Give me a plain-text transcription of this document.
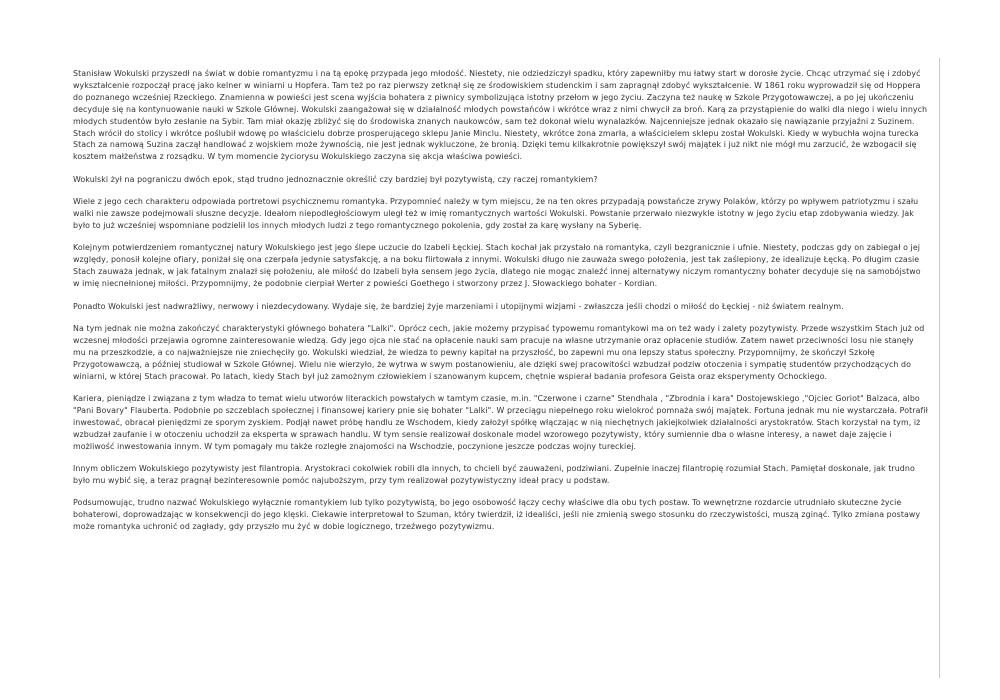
Stanisław Wokulski przyszedł na świat w dobie romantyzmu i na tą epokę przypada jego młodość. Niestety, nie odziedziczył spadku, który zapewniłby mu łatwy start w dorosłe życie. Chcąc utrzymać się i zdobyć wykształcenie rozpoczął pracę jako kelner w winiarni u Hopfera. Tam też po raz pierwszy zetknął się ze środowiskiem studenckim i sam zapragnął zdobyć wykształcenie. W 1861 roku wyprowadził się od Hoppera do poznanego wcześniej Rzeckiego. Znamienna w powieści jest scena wyjścia bohatera z piwnicy symbolizująca istotny przełom w jego życiu. Zaczyna też naukę w Szkole Przygotowawczej, a po jej ukończeniu decyduje się na kontynuowanie nauki w Szkole Głównej. Wokulski zaangażował się w działalność młodych powstańców i wkrótce wraz z nimi chwycił za broń. Karą za przystąpienie do walki dla niego i wielu innych młodych studentów było zesłanie na Sybir. Tam miał okazję zbliżyć się do środowiska znanych naukowców, sam też dokonał wielu wynalazków. Najcenniejsze jednak okazało się nawiązanie przyjaźni z Suzinem. Stach wrócił do stolicy i wkrótce poślubił wdowę po właścicielu dobrze prosperującego sklepu Janie Minclu. Niestety, wkrótce żona zmarła, a właścicielem sklepu został Wokulski. Kiedy w wybuchła wojna turecka Stach za namową Suzina zaczął handlować z wojskiem może żywnością, nie jest jednak wykluczone, że bronią. Dzięki temu kilkakrotnie powiększył swój majątek i już nikt nie mógł mu zarzucić, że wzbogacił się kosztem małżeństwa z rozsądku. W tym momencie życiorysu Wokulskiego zaczyna się akcja właściwa powieści.

Wokulski żył na pograniczu dwóch epok, stąd trudno jednoznacznie określić czy bardziej był pozytywistą, czy raczej romantykiem?

Wiele z jego cech charakteru odpowiada portretowi psychicznemu romantyka. Przypomnieć należy w tym miejscu, że na ten okres przypadają powstańcze zrywy Polaków, którzy po wpływem patriotyzmu i szału walki nie zawsze podejmowali słuszne decyzje. Ideałom niepodległościowym uległ też w imię romantycznych wartości Wokulski. Powstanie przerwało niezwykle istotny w jego życiu etap zdobywania wiedzy. Jak było to już wcześniej wspomniane podzielił los innych młodych ludzi z tego romantycznego pokolenia, gdy został za karę wysłany na Syberię.

Kolejnym potwierdzeniem romantycznej natury Wokulskiego jest jego ślepe uczucie do Izabeli Łęckiej. Stach kochał jak przystało na romantyka, czyli bezgranicznie i ufnie. Niestety, podczas gdy on zabiegał o jej względy, ponosił kolejne ofiary, poniżał się ona czerpała jedynie satysfakcję, a na boku flirtowała z innymi. Wokulski długo nie zauważa swego położenia, jest tak zaślepiony, że idealizuje Łęcką. Po długim czasie Stach zauważa jednak, w jak fatalnym znalazł się położeniu, ale miłość do Izabeli była sensem jego życia, dlatego nie mogąc znaleźć innej alternatywy niczym romantyczny bohater decyduje się na samobójstwo w imię nieспełnionej miłości. Przypomnijmy, że podobnie cierpiał Werter z powieści Goethego i stworzony przez J. Słowackiego bohater - Kordian.

Ponadto Wokulski jest nadwrażliwy, nerwowy i niezdecydowany. Wydaje się, że bardziej żyje marzeniami i utopijnymi wizjami - zwłaszcza jeśli chodzi o miłość do Łęckiej - niż światem realnym.

Na tym jednak nie można zakończyć charakterystyki głównego bohatera "Lalki". Oprócz cech, jakie możemy przypisać typowemu romantykowi ma on też wady i zalety pozytywisty. Przede wszystkim Stach już od wczesnej młodości przejawia ogromne zainteresowanie wiedzą. Gdy jego ojca nie stać na opłacenie nauki sam pracuje na własne utrzymanie oraz opłacenie studiów. Zatem nawet przeciwności losu nie stanęły mu na przeszkodzie, a co najważniejsze nie zniechęciły go. Wokulski wiedział, że wiedza to pewny kapitał na przyszłość, bo zapewni mu ona lepszy status społeczny. Przypomnijmy, że skończył Szkołę Przygotowawczą, a później studiował w Szkole Głównej. Wielu nie wierzyło, że wytrwa w swym postanowieniu, ale dzięki swej pracowitości wzbudzał podziw otoczenia i sympatię studentów przychodzących do winiarni, w której Stach pracował. Po latach, kiedy Stach był już zamożnym człowiekiem i szanowanym kupcem, chętnie wspierał badania profesora Geista oraz eksperymenty Ochockiego.

Kariera, pieniądze i związana z tym władza to temat wielu utworów literackich powstałych w tamtym czasie, m.in. "Czerwone i czarne" Stendhala , "Zbrodnia i kara" Dostojewskiego ,"Ojciec Goriot" Balzaca, albo "Pani Bovary" Flauberta. Podobnie po szczeblach społecznej i finansowej kariery pnie się bohater "Lalki". W przeciągu niepełnego roku wielokroć pomnaża swój majątek. Fortuna jednak mu nie wystarczała. Potrafił inwestować, obracał pieniędzmi ze sporym zyskiem. Podjął nawet próbę handlu ze Wschodem, kiedy założył spółkę włączając w nią niechętnych jakiejkolwiek działalności arystokratów. Stach korzystał na tym, iż wzbudzał zaufanie i w otoczeniu uchodził za eksperta w sprawach handlu. W tym sensie realizował doskonale model wzorowego pozytywisty, który sumiennie dba o własne interesy, a nawet daje zajęcie i możliwość inwestowania innym. W tym pomagały mu także rozległe znajomości na Wschodzie, poczynione jeszcze podczas wojny tureckiej.

Innym obliczem Wokulskiego pozytywisty jest filantropia. Arystokraci cokolwiek robili dla innych, to chcieli być zauważeni, podziwiani. Zupełnie inaczej filantropię rozumiał Stach. Pamiętał doskonale, jak trudno było mu wybić się, a teraz pragnął bezinteresownie pomóc najuboższym, przy tym realizował pozytywistyczny ideał pracy u podstaw.

Podsumowując, trudno nazwać Wokulskiego wyłącznie romantykiem lub tylko pozytywistą, bo jego osobowość łączy cechy właściwe dla obu tych postaw. To wewnętrzne rozdarcie utrudniało skuteczne życie bohaterowi, doprowadzając w konsekwencji do jego klęski. Ciekawie interpretował to Szuman, który twierdził, iż idealiści, jeśli nie zmienią swego stosunku do rzeczywistości, muszą zginąć. Tylko zmiana postawy może romantyka uchronić od zagłady, gdy przyszło mu żyć w dobie logicznego, trzeźwego pozytywizmu.
